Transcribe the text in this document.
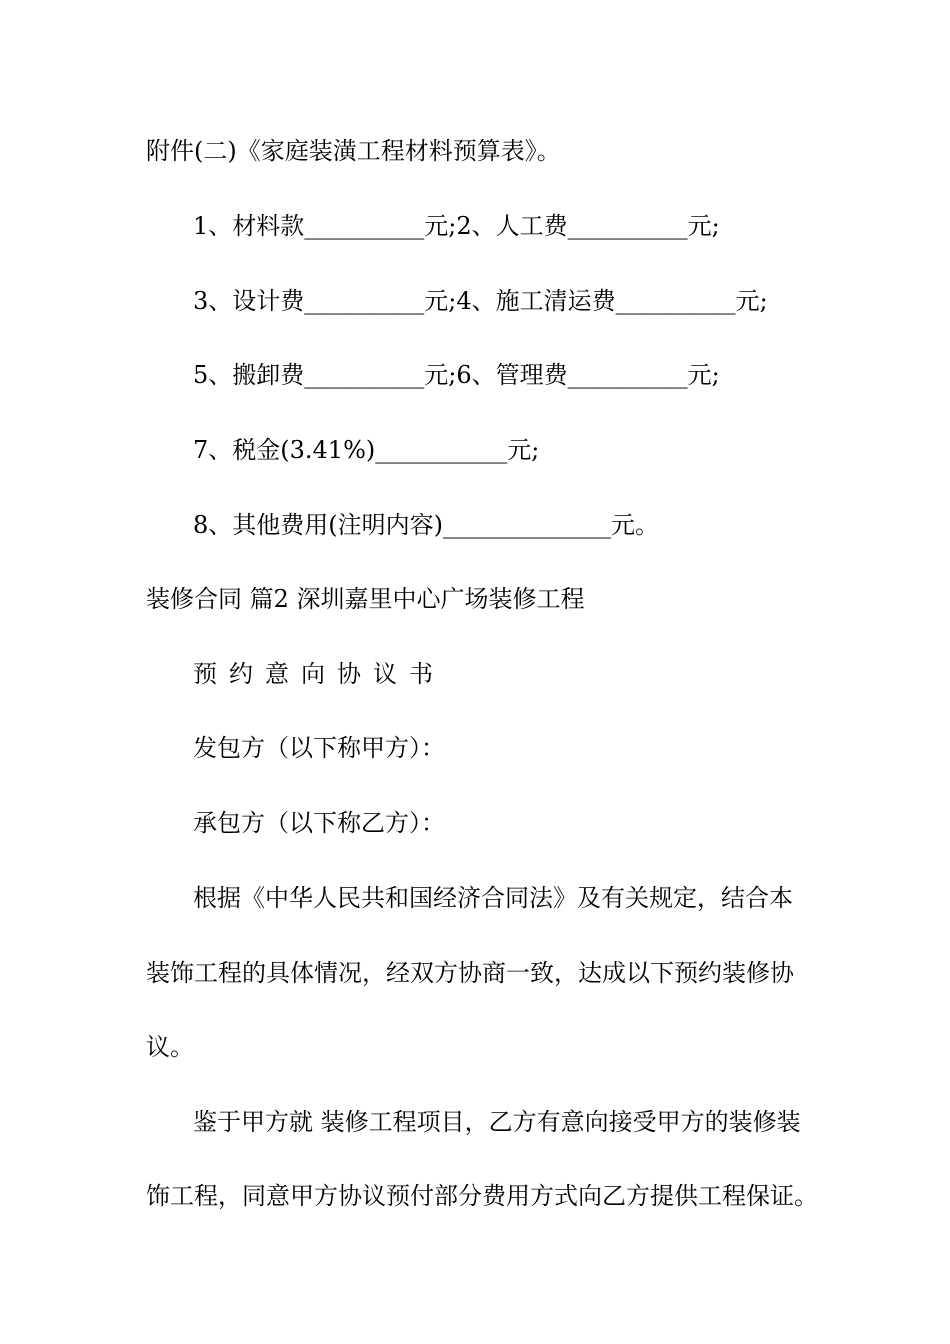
附件(二)《家庭装潢工程材料预算表》。
1、材料款__________元;2、人工费__________元;
3、设计费__________元;4、施工清运费__________元;
5、搬卸费__________元;6、管理费__________元;
7、税金(3.41%)___________元;
8、其他费用(注明内容)______________元。
装修合同 篇2 深圳嘉里中心广场装修工程
预约意向协议书
发包方（以下称甲方）：
承包方（以下称乙方）：
根据《中华人民共和国经济合同法》及有关规定，结合本
装饰工程的具体情况，经双方协商一致，达成以下预约装修协
议。
鉴于甲方就 装修工程项目，乙方有意向接受甲方的装修装
饰工程，同意甲方协议预付部分费用方式向乙方提供工程保证。
